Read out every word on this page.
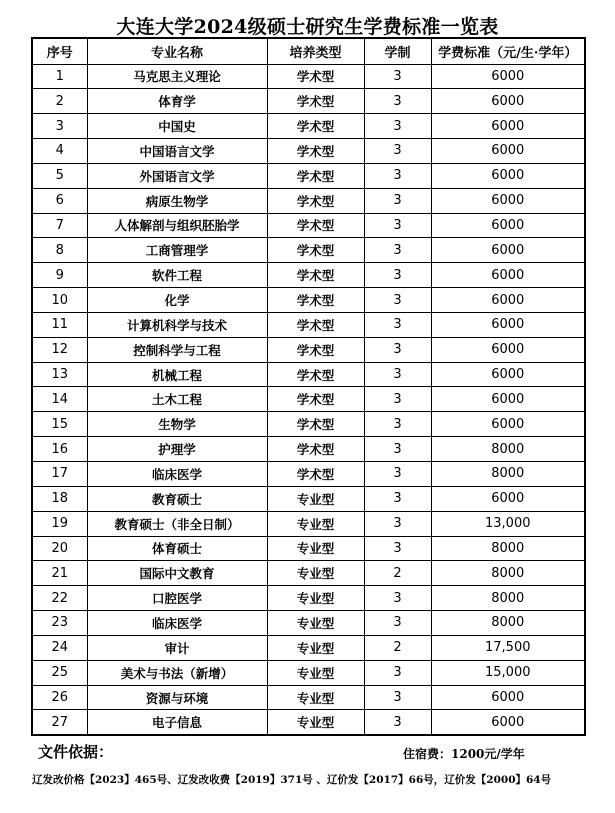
大连大学2024级硕士研究生学费标准一览表
序号	专业名称	培养类型	学制	学费标准（元/生·学年）
1	马克思主义理论	学术型	3	6000
2	体育学	学术型	3	6000
3	中国史	学术型	3	6000
4	中国语言文学	学术型	3	6000
5	外国语言文学	学术型	3	6000
6	病原生物学	学术型	3	6000
7	人体解剖与组织胚胎学	学术型	3	6000
8	工商管理学	学术型	3	6000
9	软件工程	学术型	3	6000
10	化学	学术型	3	6000
11	计算机科学与技术	学术型	3	6000
12	控制科学与工程	学术型	3	6000
13	机械工程	学术型	3	6000
14	土木工程	学术型	3	6000
15	生物学	学术型	3	6000
16	护理学	学术型	3	8000
17	临床医学	学术型	3	8000
18	教育硕士	专业型	3	6000
19	教育硕士（非全日制）	专业型	3	13,000
20	体育硕士	专业型	3	8000
21	国际中文教育	专业型	2	8000
22	口腔医学	专业型	3	8000
23	临床医学	专业型	3	8000
24	审计	专业型	2	17,500
25	美术与书法（新增）	专业型	3	15,000
26	资源与环境	专业型	3	6000
27	电子信息	专业型	3	6000
文件依据：	住宿费：1200元/学年
辽发改价格【2023】465号、辽发改收费【2019】371号 、辽价发【2017】66号，辽价发【2000】64号
